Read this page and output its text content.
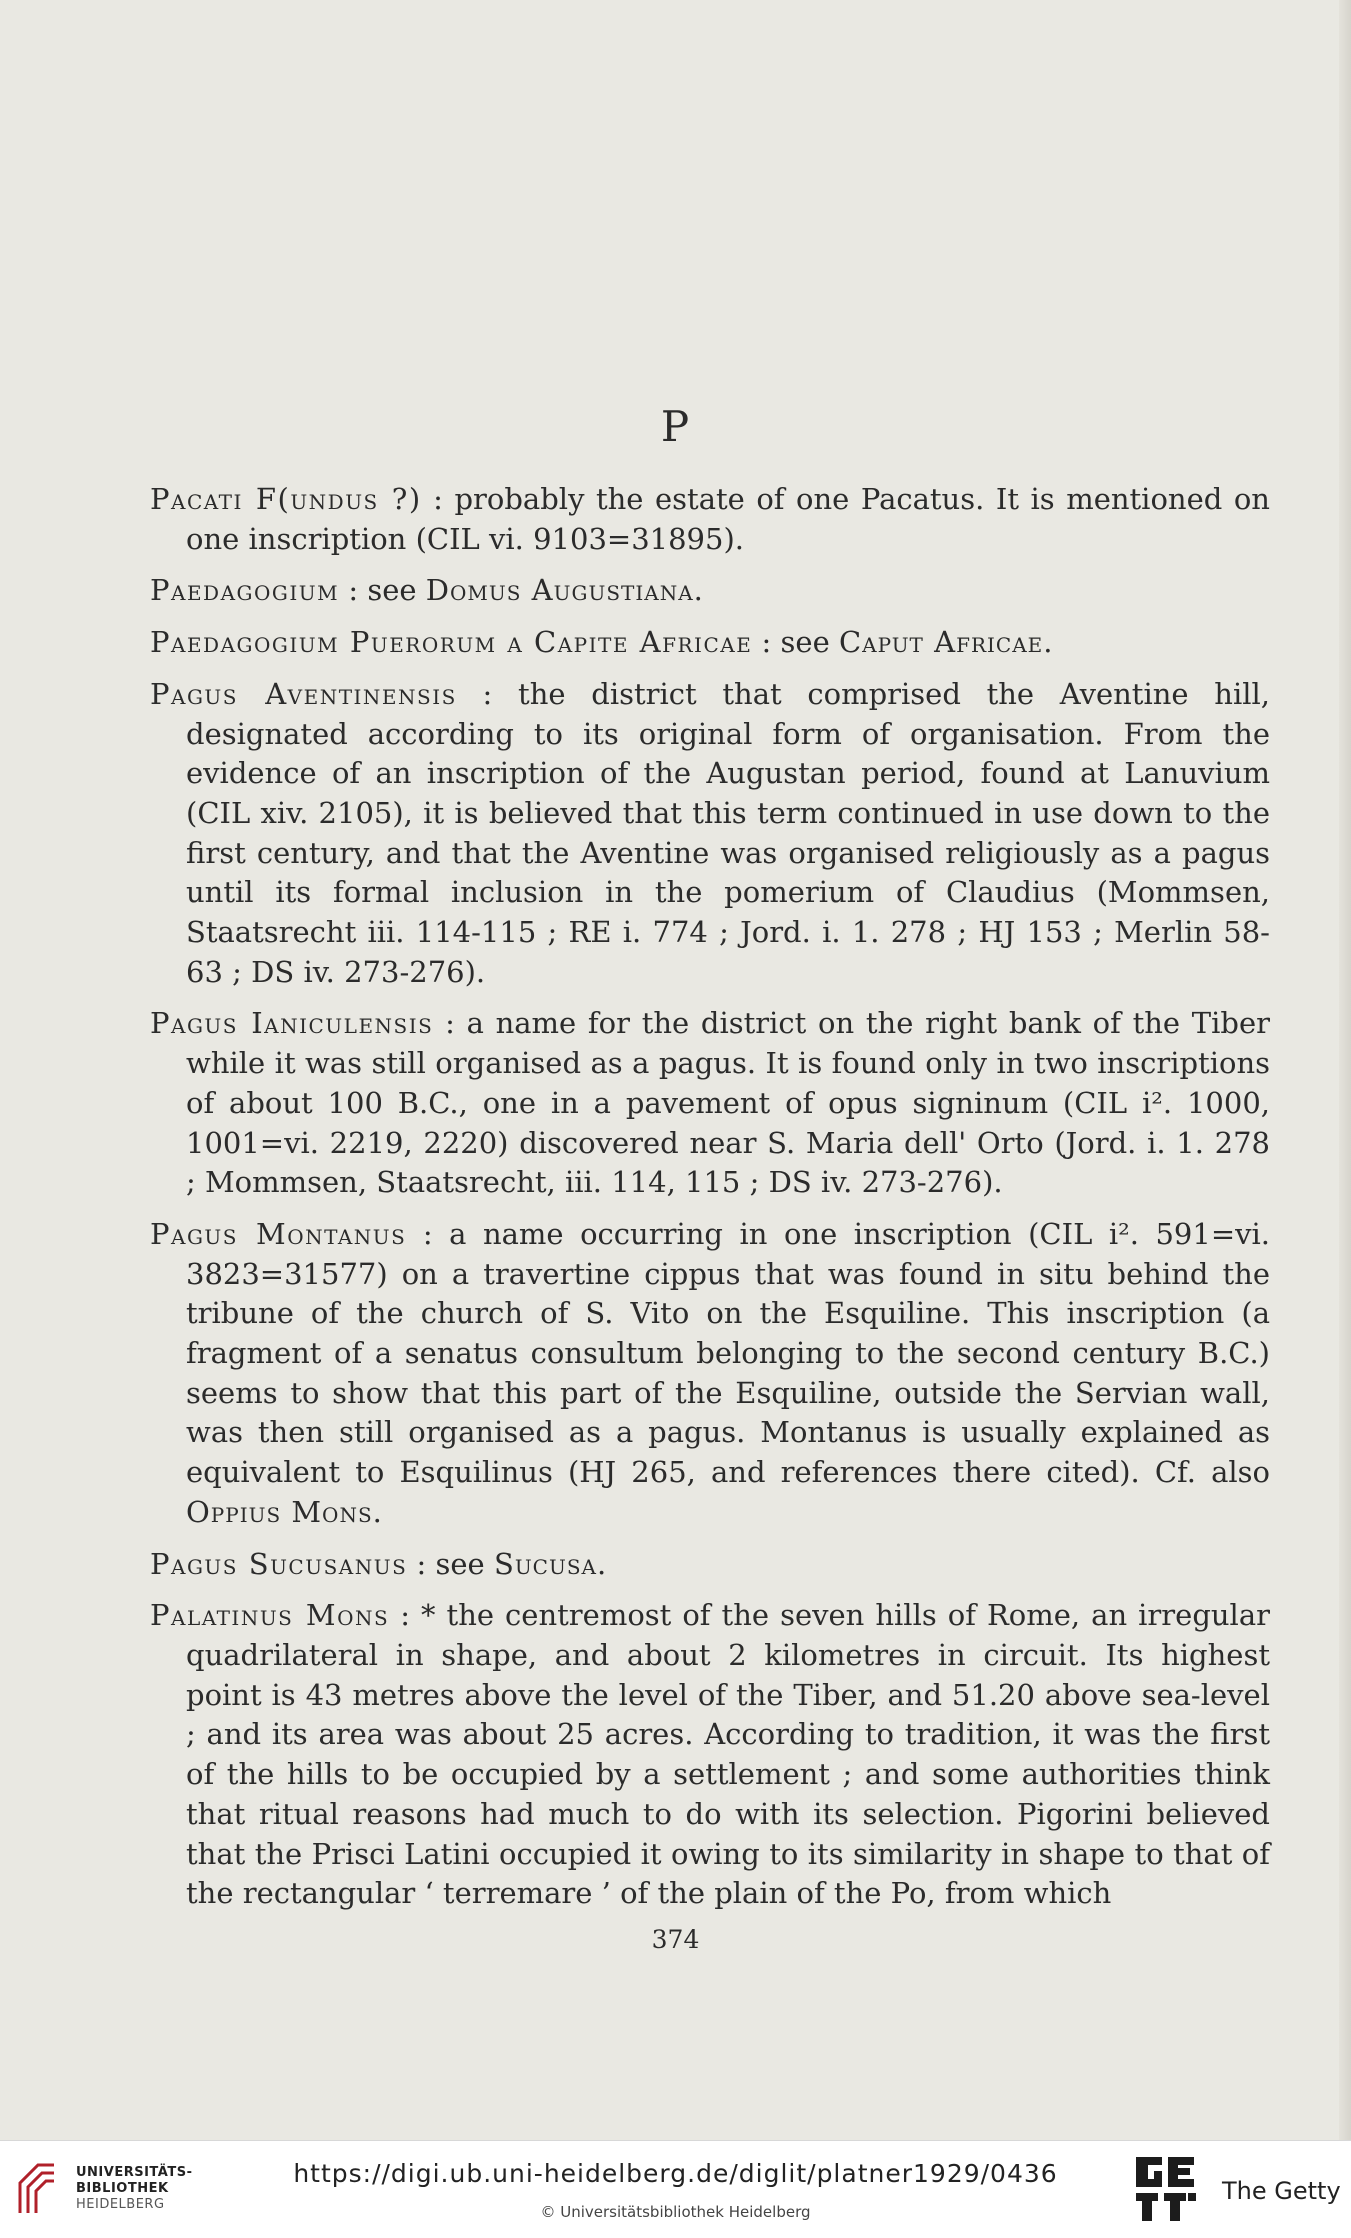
P

Pacati F(undus ?) : probably the estate of one Pacatus. It is mentioned on one inscription (CIL vi. 9103=31895).

Paedagogium : see Domus Augustiana.

Paedagogium Puerorum a Capite Africae : see Caput Africae.

Pagus Aventinensis : the district that comprised the Aventine hill, designated according to its original form of organisation. From the evidence of an inscription of the Augustan period, found at Lanuvium (CIL xiv. 2105), it is believed that this term continued in use down to the first century, and that the Aventine was organised religiously as a pagus until its formal inclusion in the pomerium of Claudius (Mommsen, Staatsrecht iii. 114-115 ; RE i. 774 ; Jord. i. 1. 278 ; HJ 153 ; Merlin 58-63 ; DS iv. 273-276).

Pagus Ianiculensis : a name for the district on the right bank of the Tiber while it was still organised as a pagus. It is found only in two inscriptions of about 100 B.C., one in a pavement of opus signinum (CIL i². 1000, 1001=vi. 2219, 2220) discovered near S. Maria dell' Orto (Jord. i. 1. 278 ; Mommsen, Staatsrecht, iii. 114, 115 ; DS iv. 273-276).

Pagus Montanus : a name occurring in one inscription (CIL i². 591=vi. 3823=31577) on a travertine cippus that was found in situ behind the tribune of the church of S. Vito on the Esquiline. This inscription (a fragment of a senatus consultum belonging to the second century B.C.) seems to show that this part of the Esquiline, outside the Servian wall, was then still organised as a pagus. Montanus is usually explained as equivalent to Esquilinus (HJ 265, and references there cited). Cf. also Oppius Mons.

Pagus Sucusanus : see Sucusa.

Palatinus Mons : * the centremost of the seven hills of Rome, an irregular quadrilateral in shape, and about 2 kilometres in circuit. Its highest point is 43 metres above the level of the Tiber, and 51.20 above sea-level ; and its area was about 25 acres. According to tradition, it was the first of the hills to be occupied by a settlement ; and some authorities think that ritual reasons had much to do with its selection. Pigorini believed that the Prisci Latini occupied it owing to its similarity in shape to that of the rectangular ‘ terremare ’ of the plain of the Po, from which

374
UNIVERSITÄTS-
BIBLIOTHEK
HEIDELBERG
https://digi.ub.uni-heidelberg.de/diglit/platner1929/0436
© Universitätsbibliothek Heidelberg
The Getty
